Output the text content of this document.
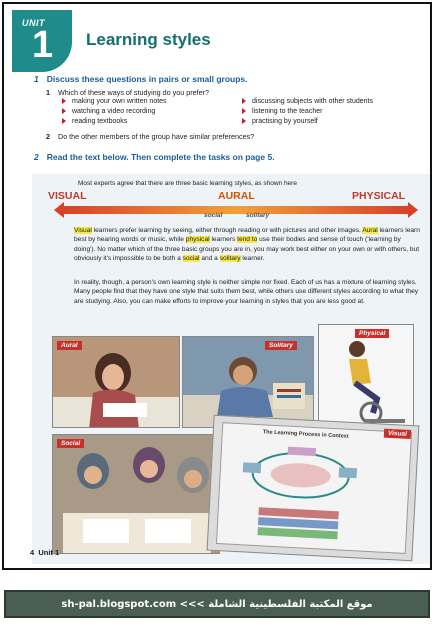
UNIT
1 Learning styles
1 Discuss these questions in pairs or small groups.
1 Which of these ways of studying do you prefer?
making your own written notes
watching a video recording
reading textbooks
discussing subjects with other students
listening to the teacher
practising by yourself
2 Do the other members of the group have similar preferences?
2 Read the text below. Then complete the tasks on page 5.
Most experts agree that there are three basic learning styles, as shown here
VISUAL	AURAL	PHYSICAL
social	solitary
Visual learners prefer learning by seeing, either through reading or with pictures and other images. Aural learners learn best by hearing words or music, while physical learners tend to use their bodies and sense of touch ('learning by doing'). No matter which of the three basic groups you are in, you may work best either on your own or with others, but obviously it's impossible to be both a social and a solitary learner.
In reality, though, a person's own learning style is neither simple nor fixed. Each of us has a mixture of learning styles. Many people find that they have one style that suits them best, while others use different styles according to what they are studying. Also, you can make efforts to improve your learning in styles that you are less good at.
Aural	Solitary
Physical
Social
The Learning Process in Context	Visual
4 Unit 1
sh-pal.blogspot.com <<< موقع المكتبة الفلسطينية الشاملة
